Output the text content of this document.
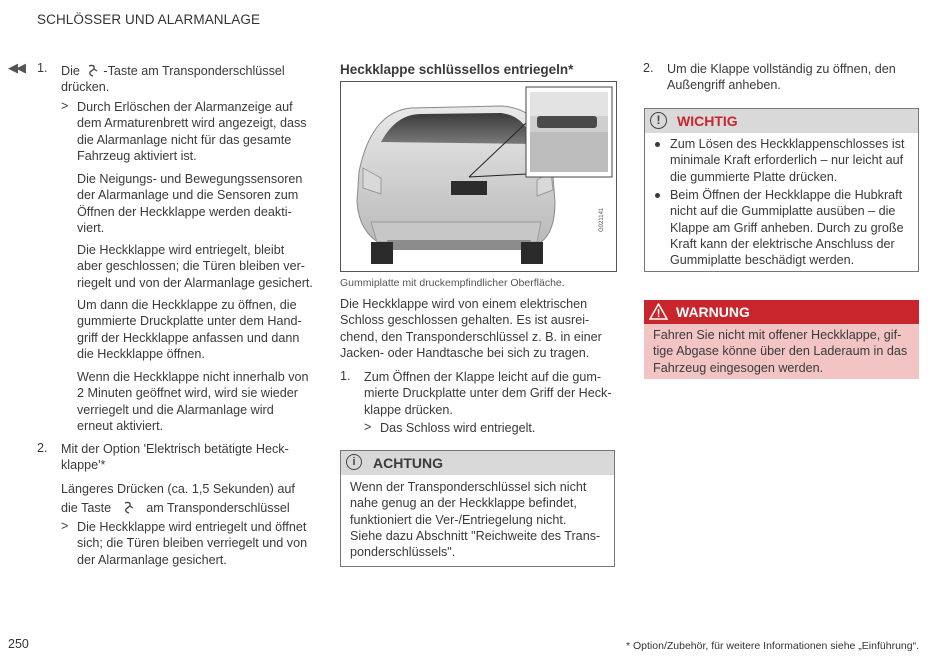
SCHLÖSSER UND ALARMANLAGE
◀◀ 1. Die -Taste am Transponderschlüssel
drücken.
> Durch Erlöschen der Alarmanzeige auf
dem Armaturenbrett wird angezeigt, dass
die Alarmanlage nicht für das gesamte
Fahrzeug aktiviert ist.
Die Neigungs- und Bewegungssensoren
der Alarmanlage und die Sensoren zum
Öffnen der Heckklappe werden deakti-
viert.
Die Heckklappe wird entriegelt, bleibt
aber geschlossen; die Türen bleiben ver-
riegelt und von der Alarmanlage gesichert.
Um dann die Heckklappe zu öffnen, die
gummierte Druckplatte unter dem Hand-
griff der Heckklappe anfassen und dann
die Heckklappe öffnen.
Wenn die Heckklappe nicht innerhalb von
2 Minuten geöffnet wird, wird sie wieder
verriegelt und die Alarmanlage wird
erneut aktiviert.
2. Mit der Option 'Elektrisch betätigte Heck-
klappe'*
Längeres Drücken (ca. 1,5 Sekunden) auf
die Taste	am Transponderschlüssel
> Die Heckklappe wird entriegelt und öffnet
sich; die Türen bleiben verriegelt und von
der Alarmanlage gesichert.
Heckklappe schlüssellos entriegeln*
G021141
Gummiplatte mit druckempfindlicher Oberfläche.
Die Heckklappe wird von einem elektrischen
Schloss geschlossen gehalten. Es ist ausrei-
chend, den Transponderschlüssel z. B. in einer
Jacken- oder Handtasche bei sich zu tragen.
1. Zum Öffnen der Klappe leicht auf die gum-
mierte Druckplatte unter dem Griff der Heck-
klappe drücken.
> Das Schloss wird entriegelt.
i	ACHTUNG
Wenn der Transponderschlüssel sich nicht
nahe genug an der Heckklappe befindet,
funktioniert die Ver-/Entriegelung nicht.
Siehe dazu Abschnitt "Reichweite des Trans-
ponderschlüssels".
2. Um die Klappe vollständig zu öffnen, den
Außengriff anheben.
!	WICHTIG
Zum Lösen des Heckklappenschlosses ist
minimale Kraft erforderlich – nur leicht auf
die gummierte Platte drücken.
Beim Öffnen der Heckklappe die Hubkraft
nicht auf die Gummiplatte ausüben – die
Klappe am Griff anheben. Durch zu große
Kraft kann der elektrische Anschluss der
Gummiplatte beschädigt werden.
WARNUNG
Fahren Sie nicht mit offener Heckklappe, gif-
tige Abgase könne über den Laderaum in das
Fahrzeug eingesogen werden.
250	* Option/Zubehör, für weitere Informationen siehe „Einführung“.
